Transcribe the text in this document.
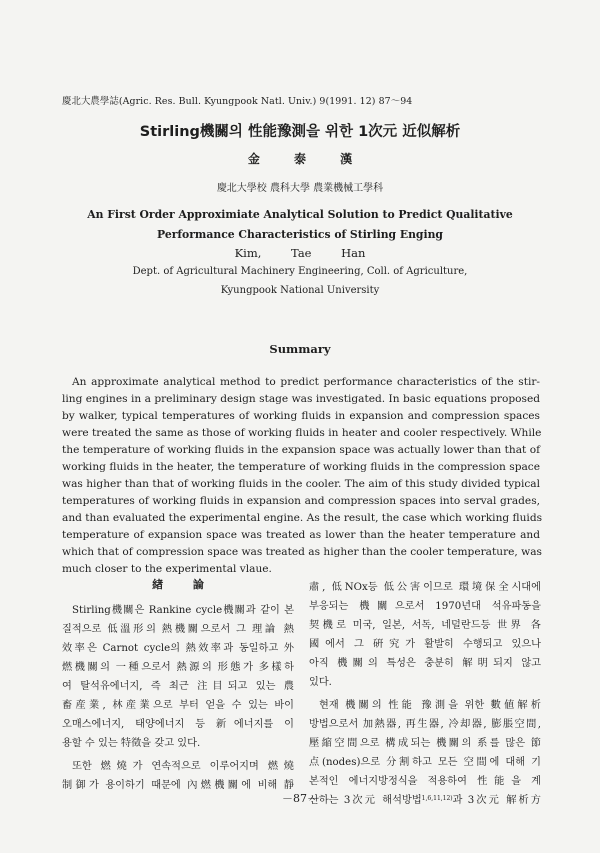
慶北大農學誌(Agric. Res. Bull. Kyungpook Natl. Univ.) 9(1991. 12) 87～94
Stirling機關의 性能豫測을 위한 1次元 近似解析
金 泰 漢
慶北大學校 農科大學 農業機械工學科
An First Order Approximiate Analytical Solution to Predict Qualitative
Performance Characteristics of Stirling Enging
Kim, Tae Han
Dept. of Agricultural Machinery Engineering, Coll. of Agriculture,
Kyungpook National University
Summary
An approximate analytical method to predict performance characteristics of the stir-
ling engines in a preliminary design stage was investigated. In basic equations proposed
by walker, typical temperatures of working fluids in expansion and compression spaces
were treated the same as those of working fluids in heater and cooler respectively. While
the temperature of working fluids in the expansion space was actually lower than that of
working fluids in the heater, the temperature of working fluids in the compression space
was higher than that of working fluids in the cooler. The aim of this study divided typical
temperatures of working fluids in expansion and compression spaces into serval grades,
and than evaluated the experimental engine. As the result, the case which working fluids
temperature of expansion space was treated as lower than the heater temperature and
which that of compression space was treated as higher than the cooler temperature, was
much closer to the experimental vlaue.
緖 論
Stirling機關은 Rankine cycle機關과 같이 본
질적으로 低溫形의 熱機關으로서 그 理論 熱
效率은 Carnot cycle의 熱效率과 동일하고 外
燃機關의 一種으로서 熱源의 形態가 多樣하
여 탈석유에너지, 즉 최근 注目되고 있는 農
畜産業, 林産業으로 부터 얻을 수 있는 바이
오매스에너지, 태양에너지 등 新에너지를 이
용할 수 있는 特徵을 갖고 있다.
또한 燃燒가 연속적으로 이루어지며 燃燒
制御가 용이하기 때문에 內燃機關에 비해 靜
肅, 低NOx등 低公害이므로 環境保全시대에
부응되는 機關으로서 1970년대 석유파동을
契機로 미국, 일본, 서독, 네덜란드등 世界 各
國에서 그 硏究가 활발히 수행되고 있으나
아직 機關의 특성은 충분히 解明되지 않고
있다.
현재 機關의 性能 豫測을 위한 數値解析
방법으로서 加熱器, 再生器, 冷却器, 膨脹空間,
壓縮空間으로 構成되는 機關의 系를 많은 節
点(nodes)으로 分割하고 모든 空間에 대해 기
본적인 에너지방정식을 적용하여 性能을 계
산하는 3次元 해석방법$^{1,6,11,12)}$과 3次元 解析方
－87－
